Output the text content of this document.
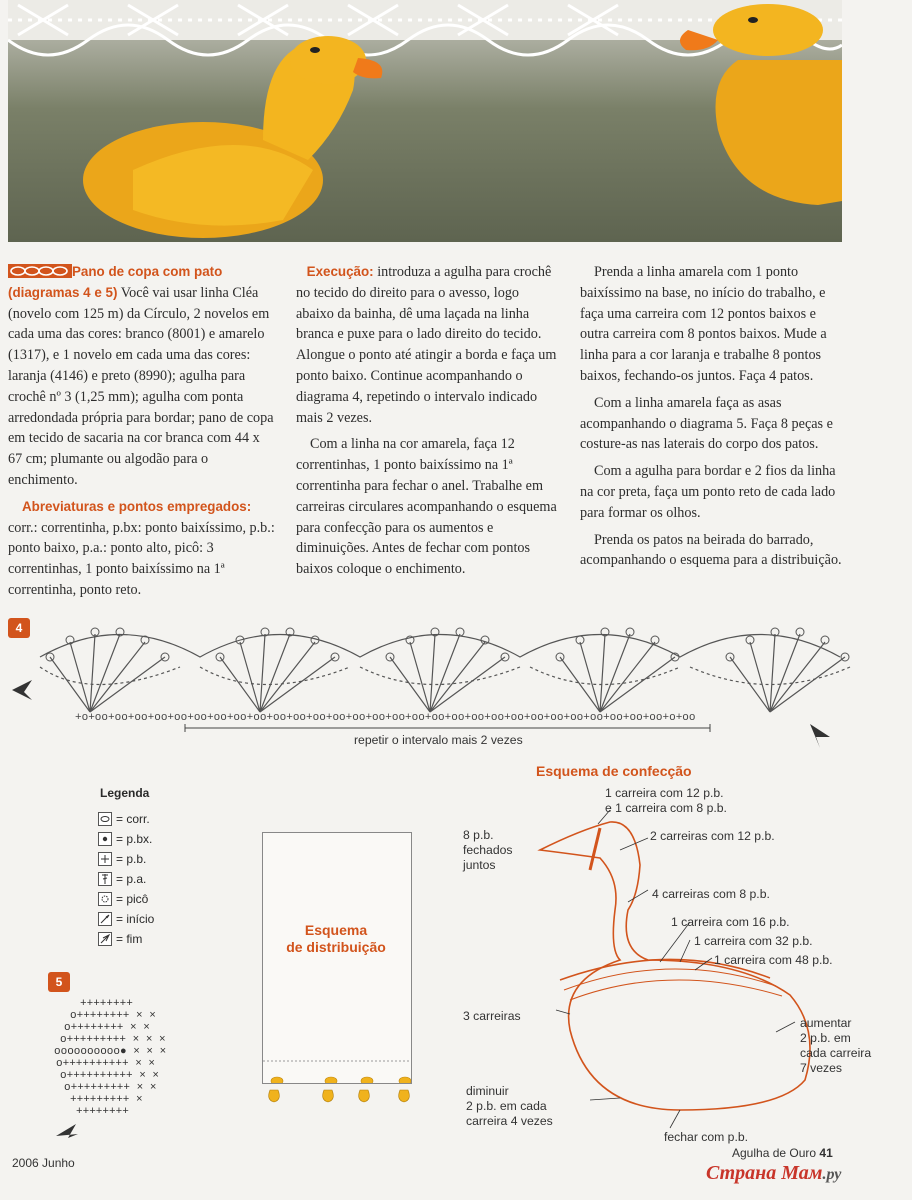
Pano de copa com pato
(diagramas 4 e 5) Você vai usar linha Cléa (novelo com 125 m) da Círculo, 2 novelos em cada uma das cores: branco (8001) e amarelo (1317), e 1 novelo em cada uma das cores: laranja (4146) e preto (8990); agulha para crochê nº 3 (1,25 mm); agulha com ponta arredondada própria para bordar; pano de copa em tecido de sacaria na cor branca com 44 x 67 cm; plumante ou algodão para o enchimento.

Abreviaturas e pontos empregados:

corr.: correntinha, p.bx: ponto baixíssimo, p.b.: ponto baixo, p.a.: ponto alto, picô: 3 correntinhas, 1 ponto baixíssimo na 1ª correntinha, ponto reto.

Execução: introduza a agulha para crochê no tecido do direito para o avesso, logo abaixo da bainha, dê uma laçada na linha branca e puxe para o lado direito do tecido. Alongue o ponto até atingir a borda e faça um ponto baixo. Continue acompanhando o diagrama 4, repetindo o intervalo indicado mais 2 vezes.

Com a linha na cor amarela, faça 12 correntinhas, 1 ponto baixíssimo na 1ª correntinha para fechar o anel. Trabalhe em carreiras circulares acompanhando o esquema para confecção para os aumentos e diminuições. Antes de fechar com pontos baixos coloque o enchimento.

Prenda a linha amarela com 1 ponto baixíssimo na base, no início do trabalho, e faça uma carreira com 12 pontos baixos e outra carreira com 8 pontos baixos. Mude a linha para a cor laranja e trabalhe 8 pontos baixos, fechando-os juntos. Faça 4 patos.

Com a linha amarela faça as asas acompanhando o diagrama 5. Faça 8 peças e costure-as nas laterais do corpo dos patos.

Com a agulha para bordar e 2 fios da linha na cor preta, faça um ponto reto de cada lado para formar os olhos.

Prenda os patos na beirada do barrado, acompanhando o esquema para a distribuição.

4
+o+oo+oo+oo+oo+oo+oo+oo+oo+oo+oo+oo+oo+oo+oo+oo+oo+oo+oo+oo+oo+oo+oo+oo+oo+oo+oo+oo+oo+oo+o+oo
repetir o intervalo mais 2 vezes
Legenda
= corr.
= p.bx.
= p.b.
= p.a.
= picô
= início
= fim
5
++++++++
o++++++++ × ×
o++++++++ × ×
o+++++++++ × × ×
oooooooooo● × × ×
o++++++++++ × ×
o++++++++++ × ×
o+++++++++ × ×
+++++++++ ×
++++++++
Esquema
de distribuição
Esquema de confecção
1 carreira com 12 p.b.
e 1 carreira com 8 p.b.
8 p.b.
fechados
juntos
2 carreiras com 12 p.b.
4 carreiras com 8 p.b.
1 carreira com 16 p.b.
1 carreira com 32 p.b.
1 carreira com 48 p.b.
3 carreiras	aumentar
2 p.b. em
cada carreira
7 vezes
diminuir
2 p.b. em cada
carreira 4 vezes
fechar com p.b.
2006 Junho
Agulha de Ouro 41
Страна Мам.ру
